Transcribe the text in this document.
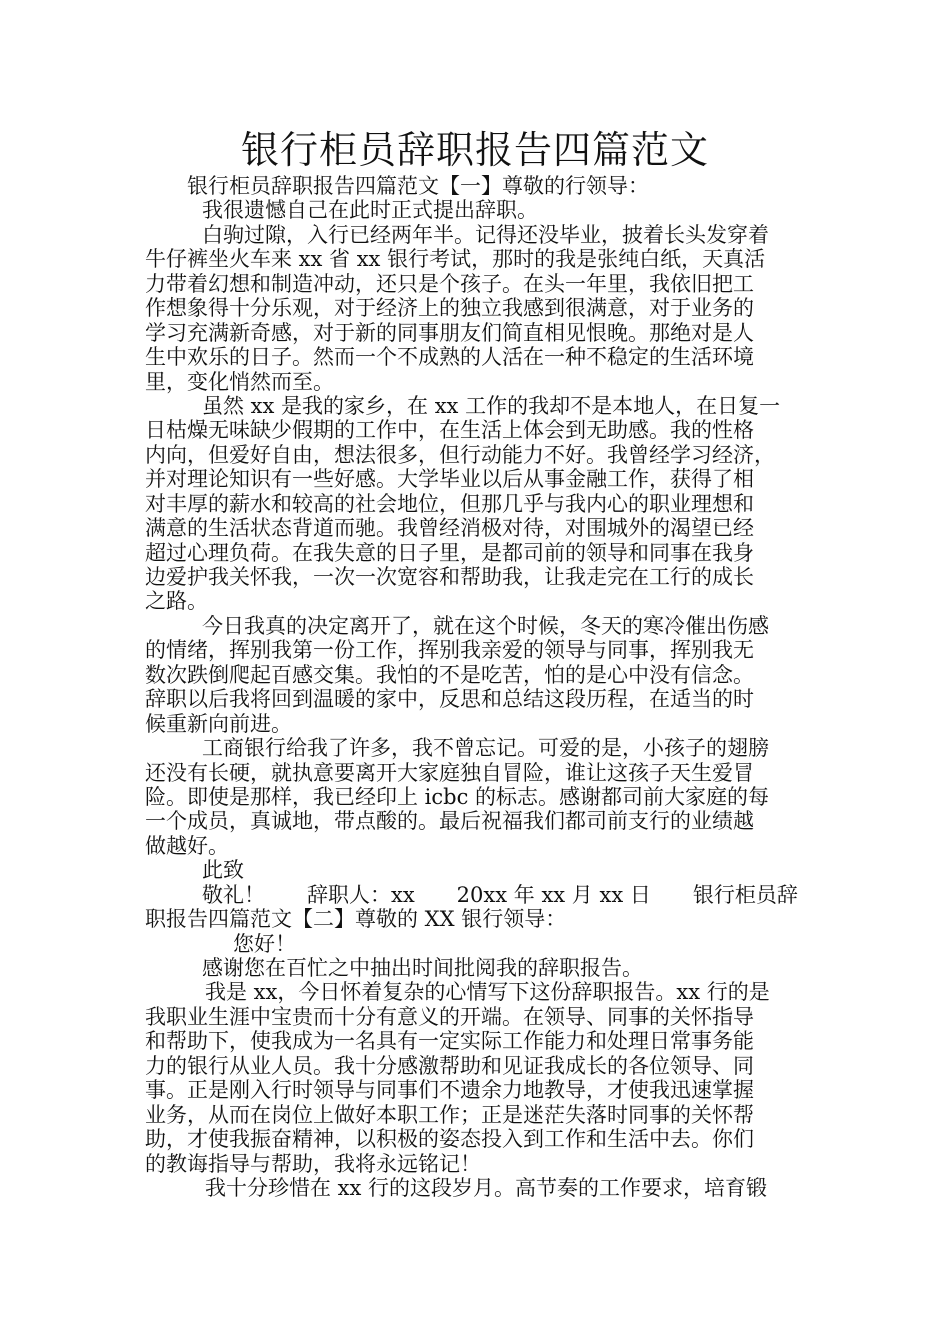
银行柜员辞职报告四篇范文
银行柜员辞职报告四篇范文【一】尊敬的行领导：
我很遗憾自己在此时正式提出辞职。
白驹过隙，入行已经两年半。记得还没毕业，披着长头发穿着
牛仔裤坐火车来 xx 省 xx 银行考试，那时的我是张纯白纸，天真活
力带着幻想和制造冲动，还只是个孩子。在头一年里，我依旧把工
作想象得十分乐观，对于经济上的独立我感到很满意，对于业务的
学习充满新奇感，对于新的同事朋友们简直相见恨晚。那绝对是人
生中欢乐的日子。然而一个不成熟的人活在一种不稳定的生活环境
里，变化悄然而至。
虽然 xx 是我的家乡，在 xx 工作的我却不是本地人，在日复一
日枯燥无味缺少假期的工作中，在生活上体会到无助感。我的性格
内向，但爱好自由，想法很多，但行动能力不好。我曾经学习经济，
并对理论知识有一些好感。大学毕业以后从事金融工作，获得了相
对丰厚的薪水和较高的社会地位，但那几乎与我内心的职业理想和
满意的生活状态背道而驰。我曾经消极对待，对围城外的渴望已经
超过心理负荷。在我失意的日子里，是都司前的领导和同事在我身
边爱护我关怀我，一次一次宽容和帮助我，让我走完在工行的成长
之路。
今日我真的决定离开了，就在这个时候，冬天的寒冷催出伤感
的情绪，挥别我第一份工作，挥别我亲爱的领导与同事，挥别我无
数次跌倒爬起百感交集。我怕的不是吃苦，怕的是心中没有信念。
辞职以后我将回到温暖的家中，反思和总结这段历程，在适当的时
候重新向前进。
工商银行给我了许多，我不曾忘记。可爱的是，小孩子的翅膀
还没有长硬，就执意要离开大家庭独自冒险，谁让这孩子天生爱冒
险。即使是那样，我已经印上 icbc 的标志。感谢都司前大家庭的每
一个成员，真诚地，带点酸的。最后祝福我们都司前支行的业绩越
做越好。
此致
敬礼！　　辞职人：xx　　20xx 年 xx 月 xx 日　　银行柜员辞
职报告四篇范文【二】尊敬的 XX 银行领导：
您好！
感谢您在百忙之中抽出时间批阅我的辞职报告。
我是 xx，今日怀着复杂的心情写下这份辞职报告。xx 行的是
我职业生涯中宝贵而十分有意义的开端。在领导、同事的关怀指导
和帮助下，使我成为一名具有一定实际工作能力和处理日常事务能
力的银行从业人员。我十分感激帮助和见证我成长的各位领导、同
事。正是刚入行时领导与同事们不遗余力地教导，才使我迅速掌握
业务，从而在岗位上做好本职工作；正是迷茫失落时同事的关怀帮
助，才使我振奋精神，以积极的姿态投入到工作和生活中去。你们
的教诲指导与帮助，我将永远铭记！
我十分珍惜在 xx 行的这段岁月。高节奏的工作要求，培育锻
